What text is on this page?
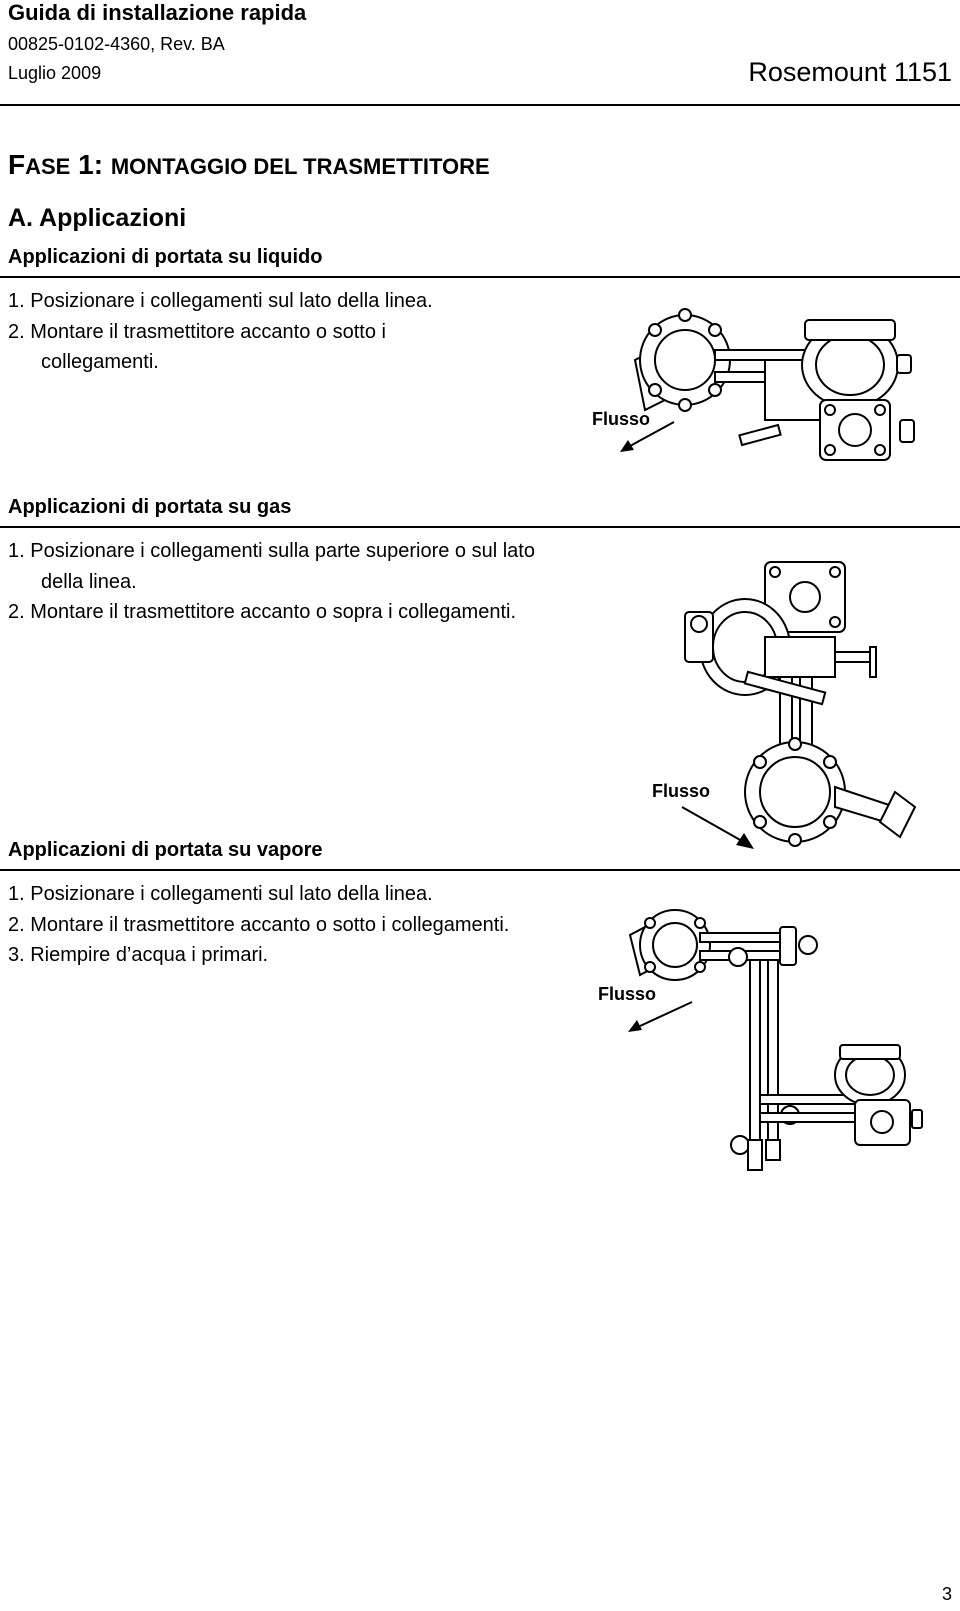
Guida di installazione rapida
00825-0102-4360, Rev. BA
Luglio 2009	Rosemount 1151
FASE 1: MONTAGGIO DEL TRASMETTITORE
A. Applicazioni
Applicazioni di portata su liquido
1. Posizionare i collegamenti sul lato della linea.
2. Montare il trasmettitore accanto o sotto i collegamenti.
Flusso
Applicazioni di portata su gas
1. Posizionare i collegamenti sulla parte superiore o sul lato della linea.
2. Montare il trasmettitore accanto o sopra i collegamenti.
Flusso
Applicazioni di portata su vapore
1. Posizionare i collegamenti sul lato della linea.
2. Montare il trasmettitore accanto o sotto i collegamenti.
3. Riempire d’acqua i primari.
Flusso
3
